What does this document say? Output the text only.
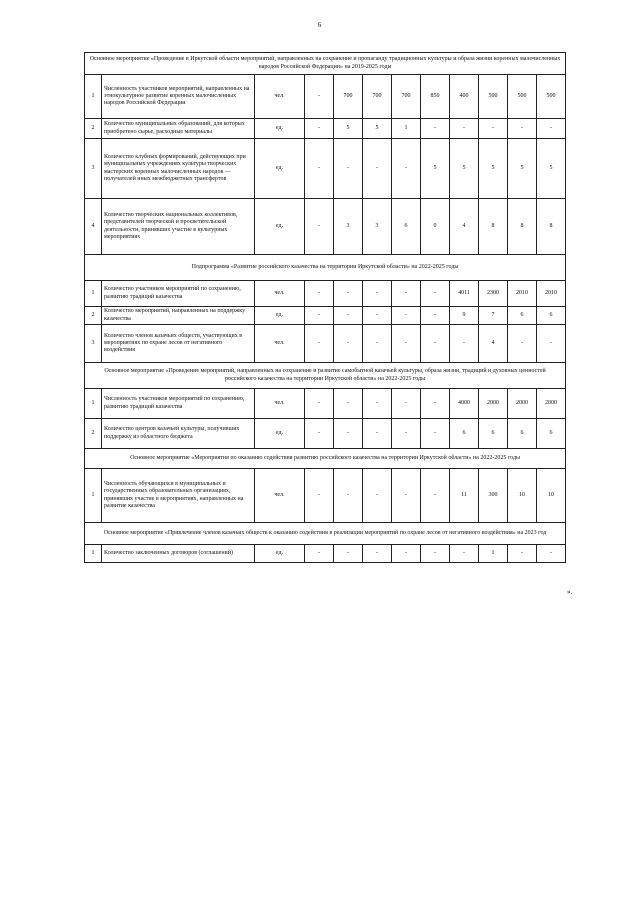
6
Основное мероприятие «Проведение в Иркутской области мероприятий, направленных на сохранение и пропаганду традиционных культуры и образа жизни коренных малочисленных народов Российской Федерации» на 2019-2025 годы											
1	Численность участников мероприятий, направленных на этнокультурное развитие коренных малочисленных народов Российской Федерации	чел.	-	700	700	700	850	400	500	500	500
2	Количество муниципальных образований, для которых приобретено сырье, расходные материалы	ед.	-	5	5	1	-	-	-	-	-
3	Количество клубных формирований, действующих при муниципальных учреждениях культуры творческих мастерских коренных малочисленных народов — получателей иных межбюджетных трансфертов	ед.	-	-	-	-	5	5	5	5	5
4	Количество творческих национальных коллективов, представителей творческой и просветительской деятельности, принявших участие в культурных мероприятиях	ед.	-	3	3	6	0	4	8	8	8
Подпрограмма «Развитие российского казачества на территории Иркутской области» на 2022-2025 годы											
1	Количество участников мероприятий по сохранению, развитию традиций казачества	чел.	-	-	-	-	-	4011	2300	2010	2010
2	Количество мероприятий, направленных на поддержку казачества	ед.	-	-	-	-	-	9	7	6	6
3	Количество членов казачьих обществ, участвующих в мероприятиях по охране лесов от негативного воздействия	чел.	-	-	-	-	-	-	4	-	-
Основное мероприятие «Проведение мероприятий, направленных на сохранение и развитие самобытной казачьей культуры, образа жизни, традиций и духовных ценностей российского казачества на территории Иркутской области» на 2022-2025 годы											
1	Численность участников мероприятий по сохранению, развитию традиций казачества	чел.	-	-	-	-	-	4000	2000	2000	2000
2	Количество центров казачьей культуры, получивших поддержку из областного бюджета	ед.	-	-	-	-	-	6	6	6	6
Основное мероприятие «Мероприятия по оказанию содействия развитию российского казачества на территории Иркутской области» на 2022-2025 годы											
1	Численность обучающихся в муниципальных и государственных образовательных организациях, принявших участие в мероприятиях, направленных на развитие казачества	чел.	-	-	-	-	-	11	300	10	10
Основное мероприятие «Привлечение членов казачьих обществ к оказанию содействия в реализации мероприятий по охране лесов от негативного воздействия» на 2023 год											
1	Количество заключенных договоров (соглашений)	ед.	-	-	-	-	-	-	1	-	-
».
